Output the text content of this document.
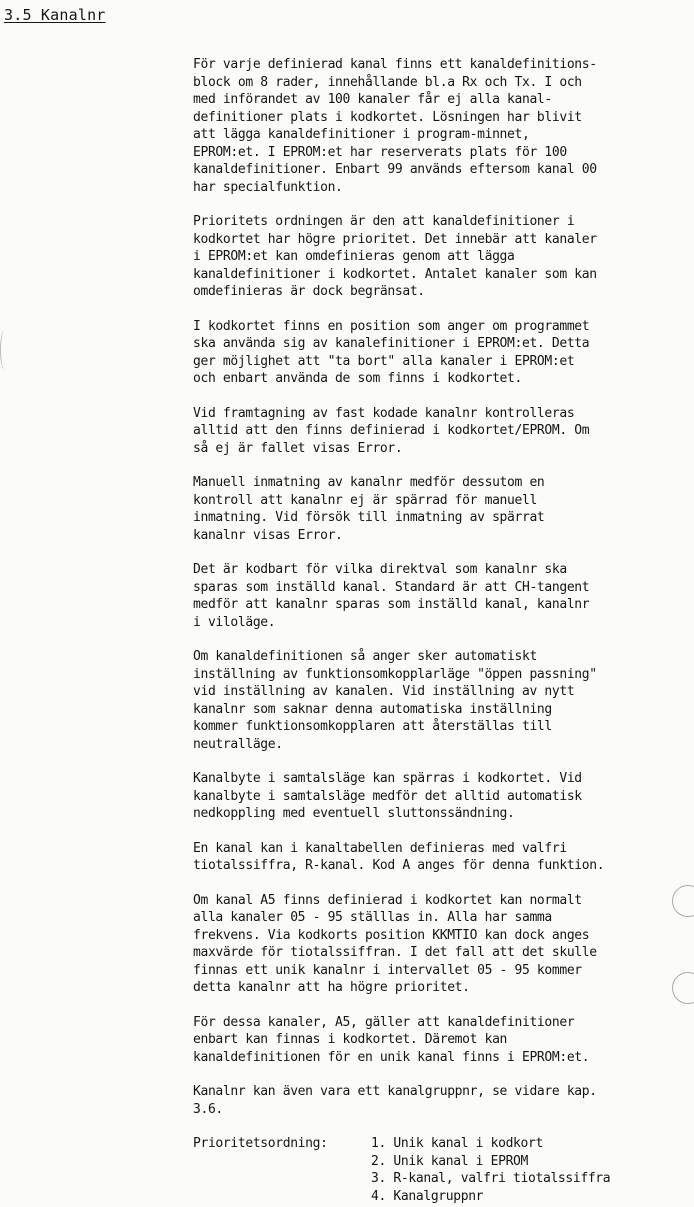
3.5 Kanalnr

För varje definierad kanal finns ett kanaldefinitions-
block om 8 rader, innehållande bl.a Rx och Tx. I och
med införandet av 100 kanaler får ej alla kanal-
definitioner plats i kodkortet. Lösningen har blivit
att lägga kanaldefinitioner i program-minnet,
EPROM:et. I EPROM:et har reserverats plats för 100
kanaldefinitioner. Enbart 99 används eftersom kanal 00
har specialfunktion.

Prioritets ordningen är den att kanaldefinitioner i
kodkortet har högre prioritet. Det innebär att kanaler
i EPROM:et kan omdefinieras genom att lägga
kanaldefinitioner i kodkortet. Antalet kanaler som kan
omdefinieras är dock begränsat.

I kodkortet finns en position som anger om programmet
ska använda sig av kanalefinitioner i EPROM:et. Detta
ger möjlighet att "ta bort" alla kanaler i EPROM:et
och enbart använda de som finns i kodkortet.

Vid framtagning av fast kodade kanalnr kontrolleras
alltid att den finns definierad i kodkortet/EPROM. Om
så ej är fallet visas Error.

Manuell inmatning av kanalnr medför dessutom en
kontroll att kanalnr ej är spärrad för manuell
inmatning. Vid försök till inmatning av spärrat
kanalnr visas Error.

Det är kodbart för vilka direktval som kanalnr ska
sparas som inställd kanal. Standard är att CH-tangent
medför att kanalnr sparas som inställd kanal, kanalnr
i viloläge.

Om kanaldefinitionen så anger sker automatiskt
inställning av funktionsomkopplarläge "öppen passning"
vid inställning av kanalen. Vid inställning av nytt
kanalnr som saknar denna automatiska inställning
kommer funktionsomkopplaren att återställas till
neutralläge.

Kanalbyte i samtalsläge kan spärras i kodkortet. Vid
kanalbyte i samtalsläge medför det alltid automatisk
nedkoppling med eventuell sluttonssändning.

En kanal kan i kanaltabellen definieras med valfri
tiotalssiffra, R-kanal. Kod A anges för denna funktion.

Om kanal A5 finns definierad i kodkortet kan normalt
alla kanaler 05 - 95 ställlas in. Alla har samma
frekvens. Via kodkorts position KKMTIO kan dock anges
maxvärde för tiotalssiffran. I det fall att det skulle
finnas ett unik kanalnr i intervallet 05 - 95 kommer
detta kanalnr att ha högre prioritet.

För dessa kanaler, A5, gäller att kanaldefinitioner
enbart kan finnas i kodkortet. Däremot kan
kanaldefinitionen för en unik kanal finns i EPROM:et.

Kanalnr kan även vara ett kanalgruppnr, se vidare kap.
3.6.

Prioritetsordning:	1. Unik kanal i kodkort
2. Unik kanal i EPROM
3. R-kanal, valfri tiotalssiffra
4. Kanalgruppnr
